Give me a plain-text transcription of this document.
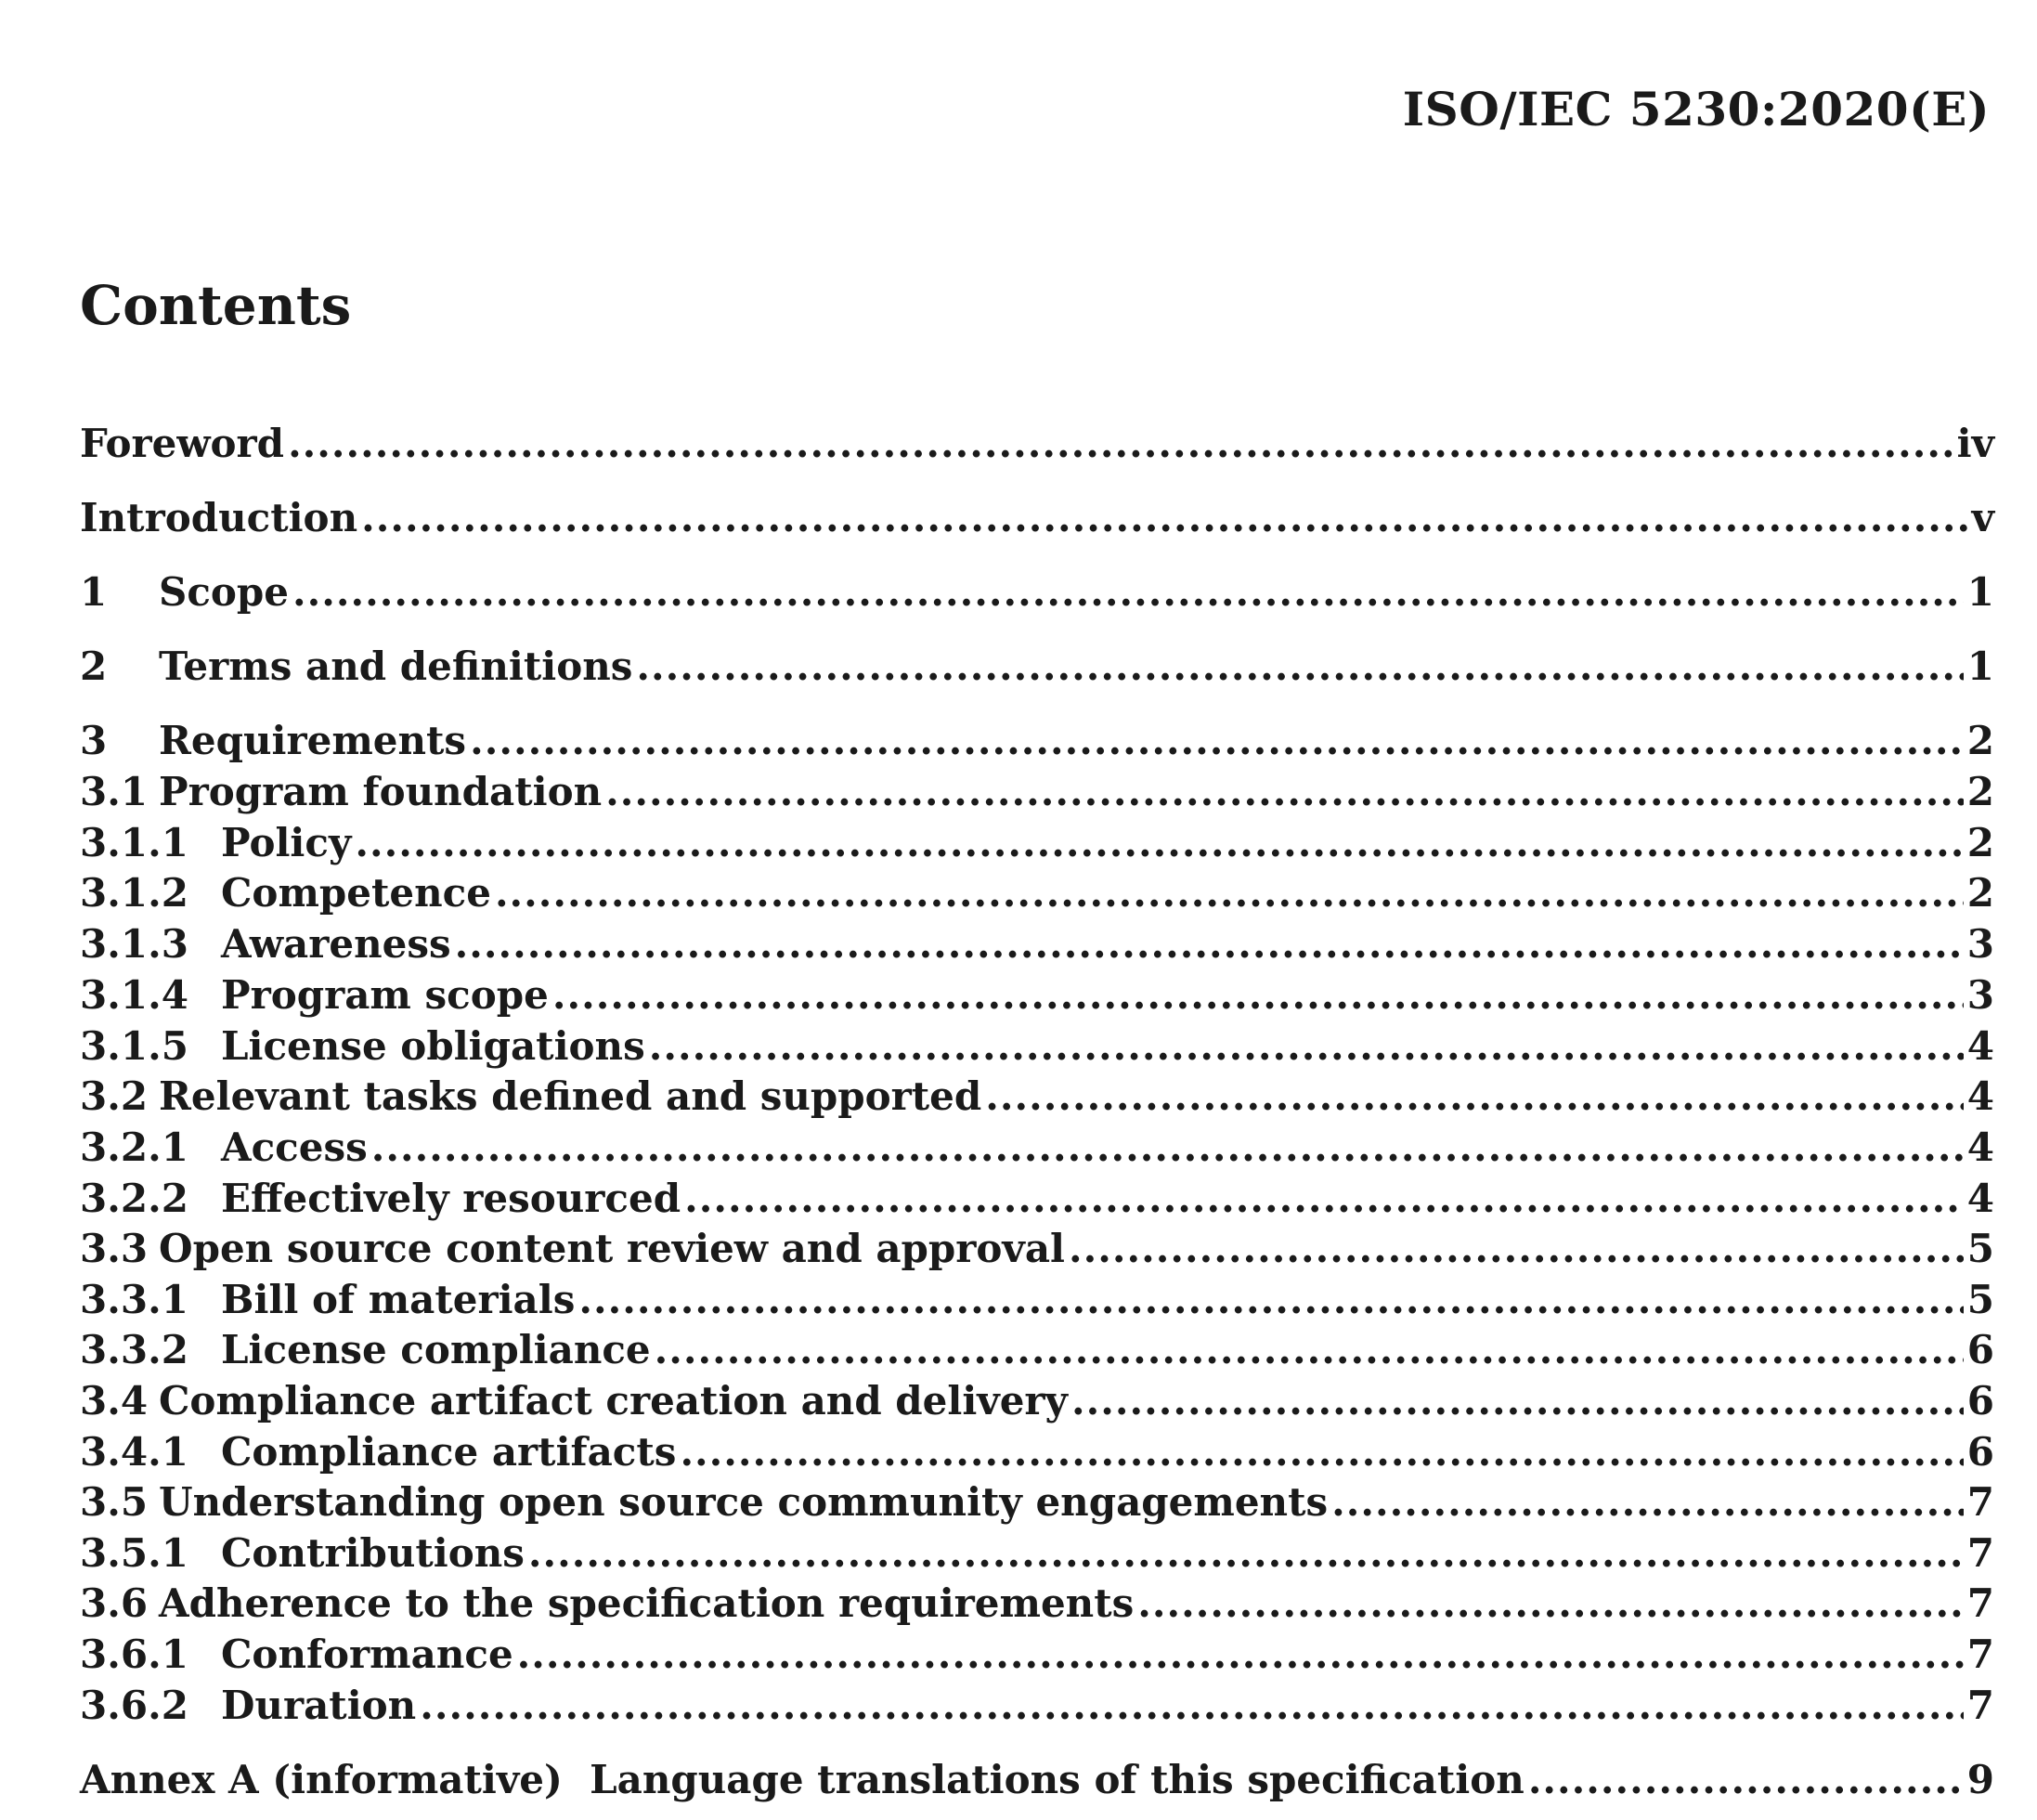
ISO/IEC 5230:2020(E)
Contents
Foreword .....	iv
Introduction .....	v
1	Scope .....	1
2	Terms and definitions .....	1
3	Requirements .....	2
3.1 Program foundation .....	2
3.1.1 Policy .....	2
3.1.2 Competence .....	2
3.1.3 Awareness .....	3
3.1.4 Program scope .....	3
3.1.5 License obligations .....	4
3.2 Relevant tasks defined and supported .....	4
3.2.1 Access .....	4
3.2.2 Effectively resourced .....	4
3.3 Open source content review and approval .....	5
3.3.1 Bill of materials .....	5
3.3.2 License compliance .....	6
3.4 Compliance artifact creation and delivery .....	6
3.4.1 Compliance artifacts .....	6
3.5 Understanding open source community engagements .....	7
3.5.1 Contributions .....	7
3.6 Adherence to the specification requirements .....	7
3.6.1 Conformance .....	7
3.6.2 Duration .....	7
Annex A (informative)  Language translations of this specification .....	9
